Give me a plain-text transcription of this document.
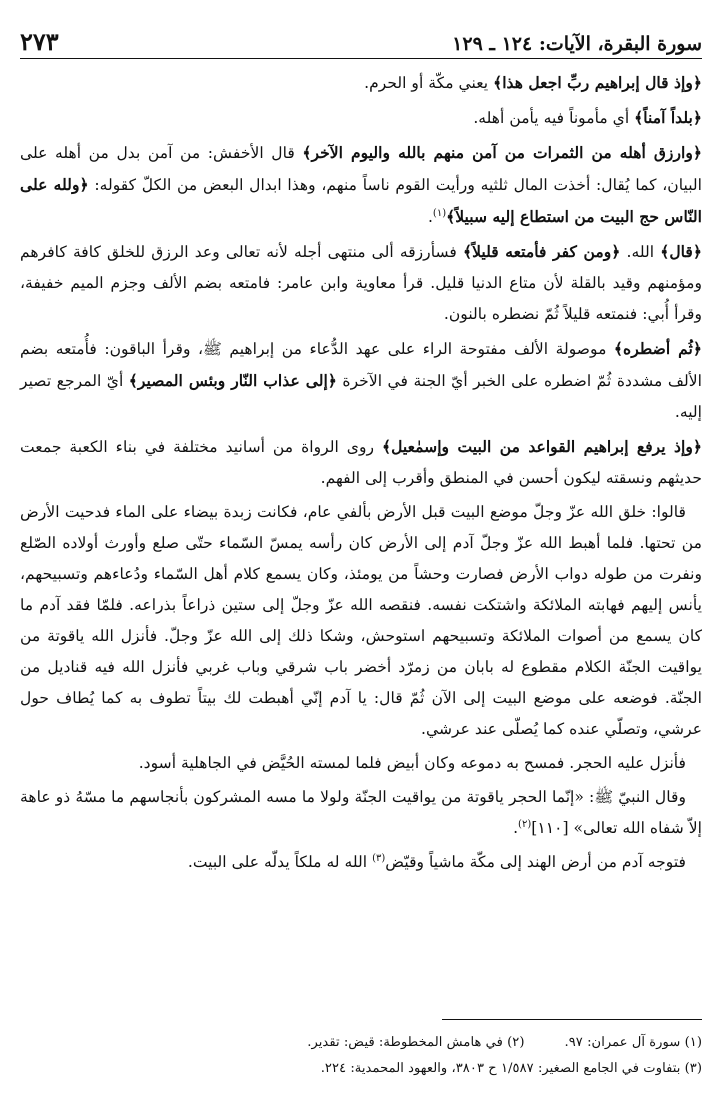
سورة البقرة، الآيات: ١٢٤ ـ ١٢٩
٢٧٣

﴿وإذ قال إبراهيم ربِّ اجعل هذا﴾ يعني مكّة أو الحرم.

﴿بلداً آمناً﴾ أي مأموناً فيه يأمن أهله.

﴿وارزق أهله من الثمرات من آمن منهم بالله واليوم الآخر﴾ قال الأخفش: من آمن بدل من أهله على البيان، كما يُقال: أخذت المال ثلثيه ورأيت القوم ناساً منهم، وهذا ابدال البعض من الكلّ كقوله: ﴿ولله على النّاس حج البيت من استطاع إليه سبيلاً﴾$^{(١)}$.

﴿قال﴾ الله. ﴿ومن كفر فأمتعه قليلاً﴾ فسأرزقه ألى منتهى أجله لأنه تعالى وعد الرزق للخلق كافة كافرهم ومؤمنهم وقيد بالقلة لأن متاع الدنيا قليل. قرأ معاوية وابن عامر: فامتعه بضم الألف وجزم الميم خفيفة، وقرأ أُبي: فنمتعه قليلاً ثُمّ نضطره بالنون.

﴿ثُم أضطره﴾ موصولة الألف مفتوحة الراء على عهد الدُّعاء من إبراهيم ﷺ، وقرأ الباقون: فأُمتعه بضم الألف مشددة ثُمّ اضطره على الخبر أيّ الجنة في الآخرة ﴿إلى عذاب النّار وبئس المصير﴾ أيّ المرجع تصير إليه.

﴿وإذ يرفع إبراهيم القواعد من البيت وإسمٰعيل﴾ روى الرواة من أسانيد مختلفة في بناء الكعبة جمعت حديثهم ونسقته ليكون أحسن في المنطق وأقرب إلى الفهم.

قالوا: خلق الله عزّ وجلّ موضع البيت قبل الأرض بألفي عام، فكانت زبدة بيضاء على الماء فدحيت الأرض من تحتها. فلما أهبط الله عزّ وجلّ آدم إلى الأرض كان رأسه يمسّ السّماء حتّى صلع وأورث أولاده الصّلع ونفرت من طوله دواب الأرض فصارت وحشاً من يومئذ، وكان يسمع كلام أهل السّماء ودُعاءهم وتسبيحهم، يأنس إليهم فهابته الملائكة واشتكت نفسه. فنقصه الله عزّ وجلّ إلى ستين ذراعاً بذراعه. فلمّا فقد آدم ما كان يسمع من أصوات الملائكة وتسبيحهم استوحش، وشكا ذلك إلى الله عزّ وجلّ. فأنزل الله ياقوتة من يواقيت الجنّة الكلام مقطوع له بابان من زمرّد أخضر باب شرقي وباب غربي فأنزل الله فيه قناديل من الجنّة. فوضعه على موضع البيت إلى الآن ثُمّ قال: يا آدم إنّي أهبطت لك بيتاً تطوف به كما يُطاف حول عرشي، وتصلّي عنده كما يُصلّى عند عرشي.

فأنزل عليه الحجر. فمسح به دموعه وكان أبيض فلما لمسته الحُيَّض في الجاهلية أسود.

وقال النبيّ ﷺ: «إنّما الحجر ياقوتة من يواقيت الجنّة ولولا ما مسه المشركون بأنجاسهم ما مسّهُ ذو عاهة إلاّ شفاه الله تعالى» [١١٠]$^{(٢)}$.

فتوجه آدم من أرض الهند إلى مكّة ماشياً وقيّض$^{(٣)}$ الله له ملكاً يدلّه على البيت.

(١) سورة آل عمران: ٩٧.
(٢) في هامش المخطوطة: قيض: تقدير.
(٣) بتفاوت في الجامع الصغير: ١/٥٨٧ ح ٣٨٠٣، والعهود المحمدية: ٢٢٤.
